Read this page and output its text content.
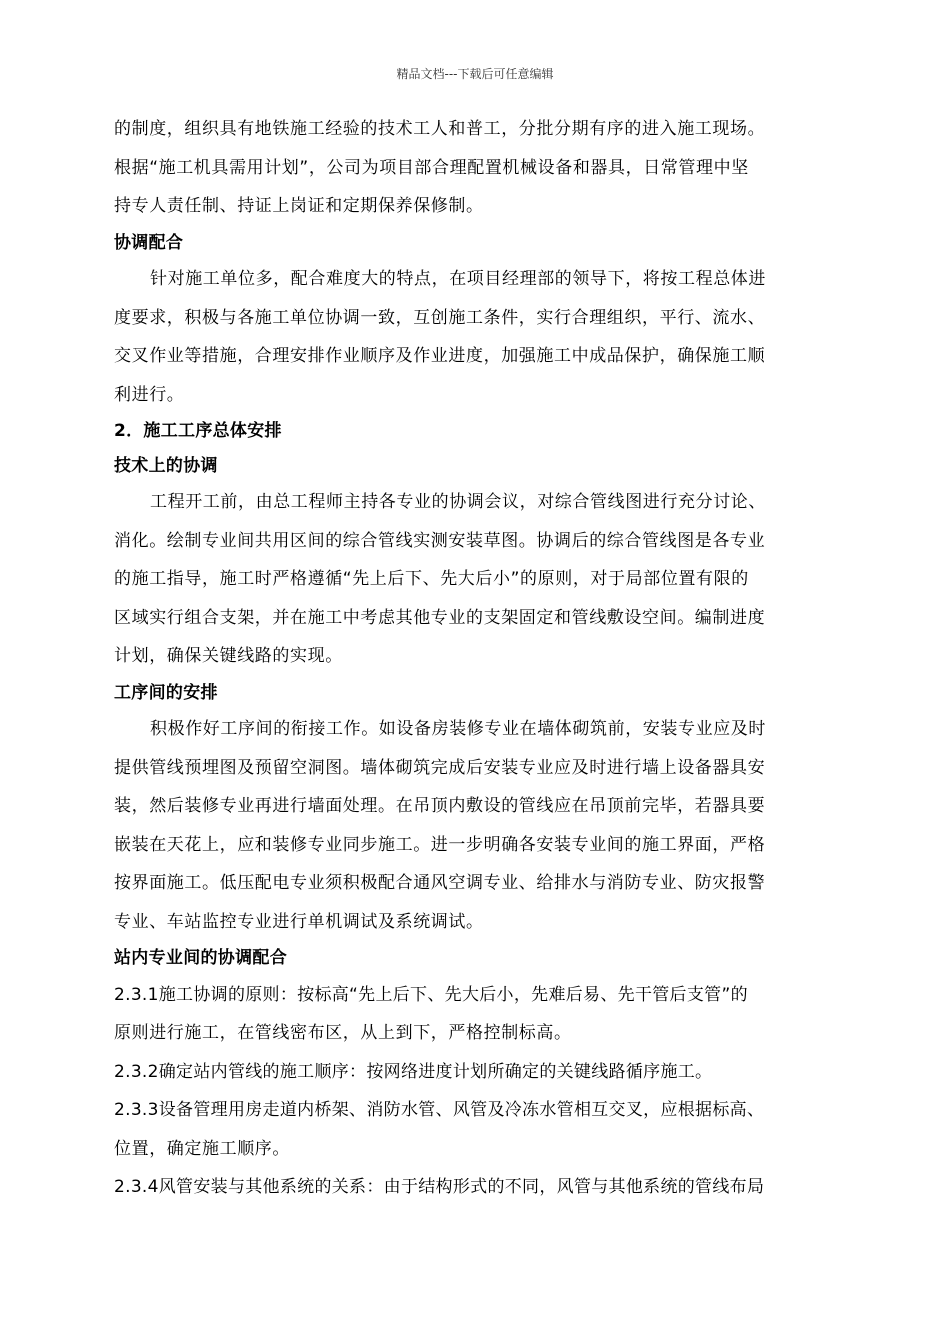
精品文档---下载后可任意编辑
的制度，组织具有地铁施工经验的技术工人和普工，分批分期有序的进入施工现场。
根据“施工机具需用计划”，公司为项目部合理配置机械设备和器具，日常管理中坚
持专人责任制、持证上岗证和定期保养保修制。
协调配合
针对施工单位多，配合难度大的特点，在项目经理部的领导下，将按工程总体进
度要求，积极与各施工单位协调一致，互创施工条件，实行合理组织，平行、流水、
交叉作业等措施，合理安排作业顺序及作业进度，加强施工中成品保护，确保施工顺
利进行。
2．施工工序总体安排
技术上的协调
工程开工前，由总工程师主持各专业的协调会议，对综合管线图进行充分讨论、
消化。绘制专业间共用区间的综合管线实测安装草图。协调后的综合管线图是各专业
的施工指导，施工时严格遵循“先上后下、先大后小”的原则，对于局部位置有限的
区域实行组合支架，并在施工中考虑其他专业的支架固定和管线敷设空间。编制进度
计划，确保关键线路的实现。
工序间的安排
积极作好工序间的衔接工作。如设备房装修专业在墙体砌筑前，安装专业应及时
提供管线预埋图及预留空洞图。墙体砌筑完成后安装专业应及时进行墙上设备器具安
装，然后装修专业再进行墙面处理。在吊顶内敷设的管线应在吊顶前完毕，若器具要
嵌装在天花上，应和装修专业同步施工。进一步明确各安装专业间的施工界面，严格
按界面施工。低压配电专业须积极配合通风空调专业、给排水与消防专业、防灾报警
专业、车站监控专业进行单机调试及系统调试。
站内专业间的协调配合
2.3.1施工协调的原则：按标高“先上后下、先大后小，先难后易、先干管后支管”的
原则进行施工，在管线密布区，从上到下，严格控制标高。
2.3.2确定站内管线的施工顺序：按网络进度计划所确定的关键线路循序施工。
2.3.3设备管理用房走道内桥架、消防水管、风管及冷冻水管相互交叉，应根据标高、
位置，确定施工顺序。
2.3.4风管安装与其他系统的关系：由于结构形式的不同，风管与其他系统的管线布局
